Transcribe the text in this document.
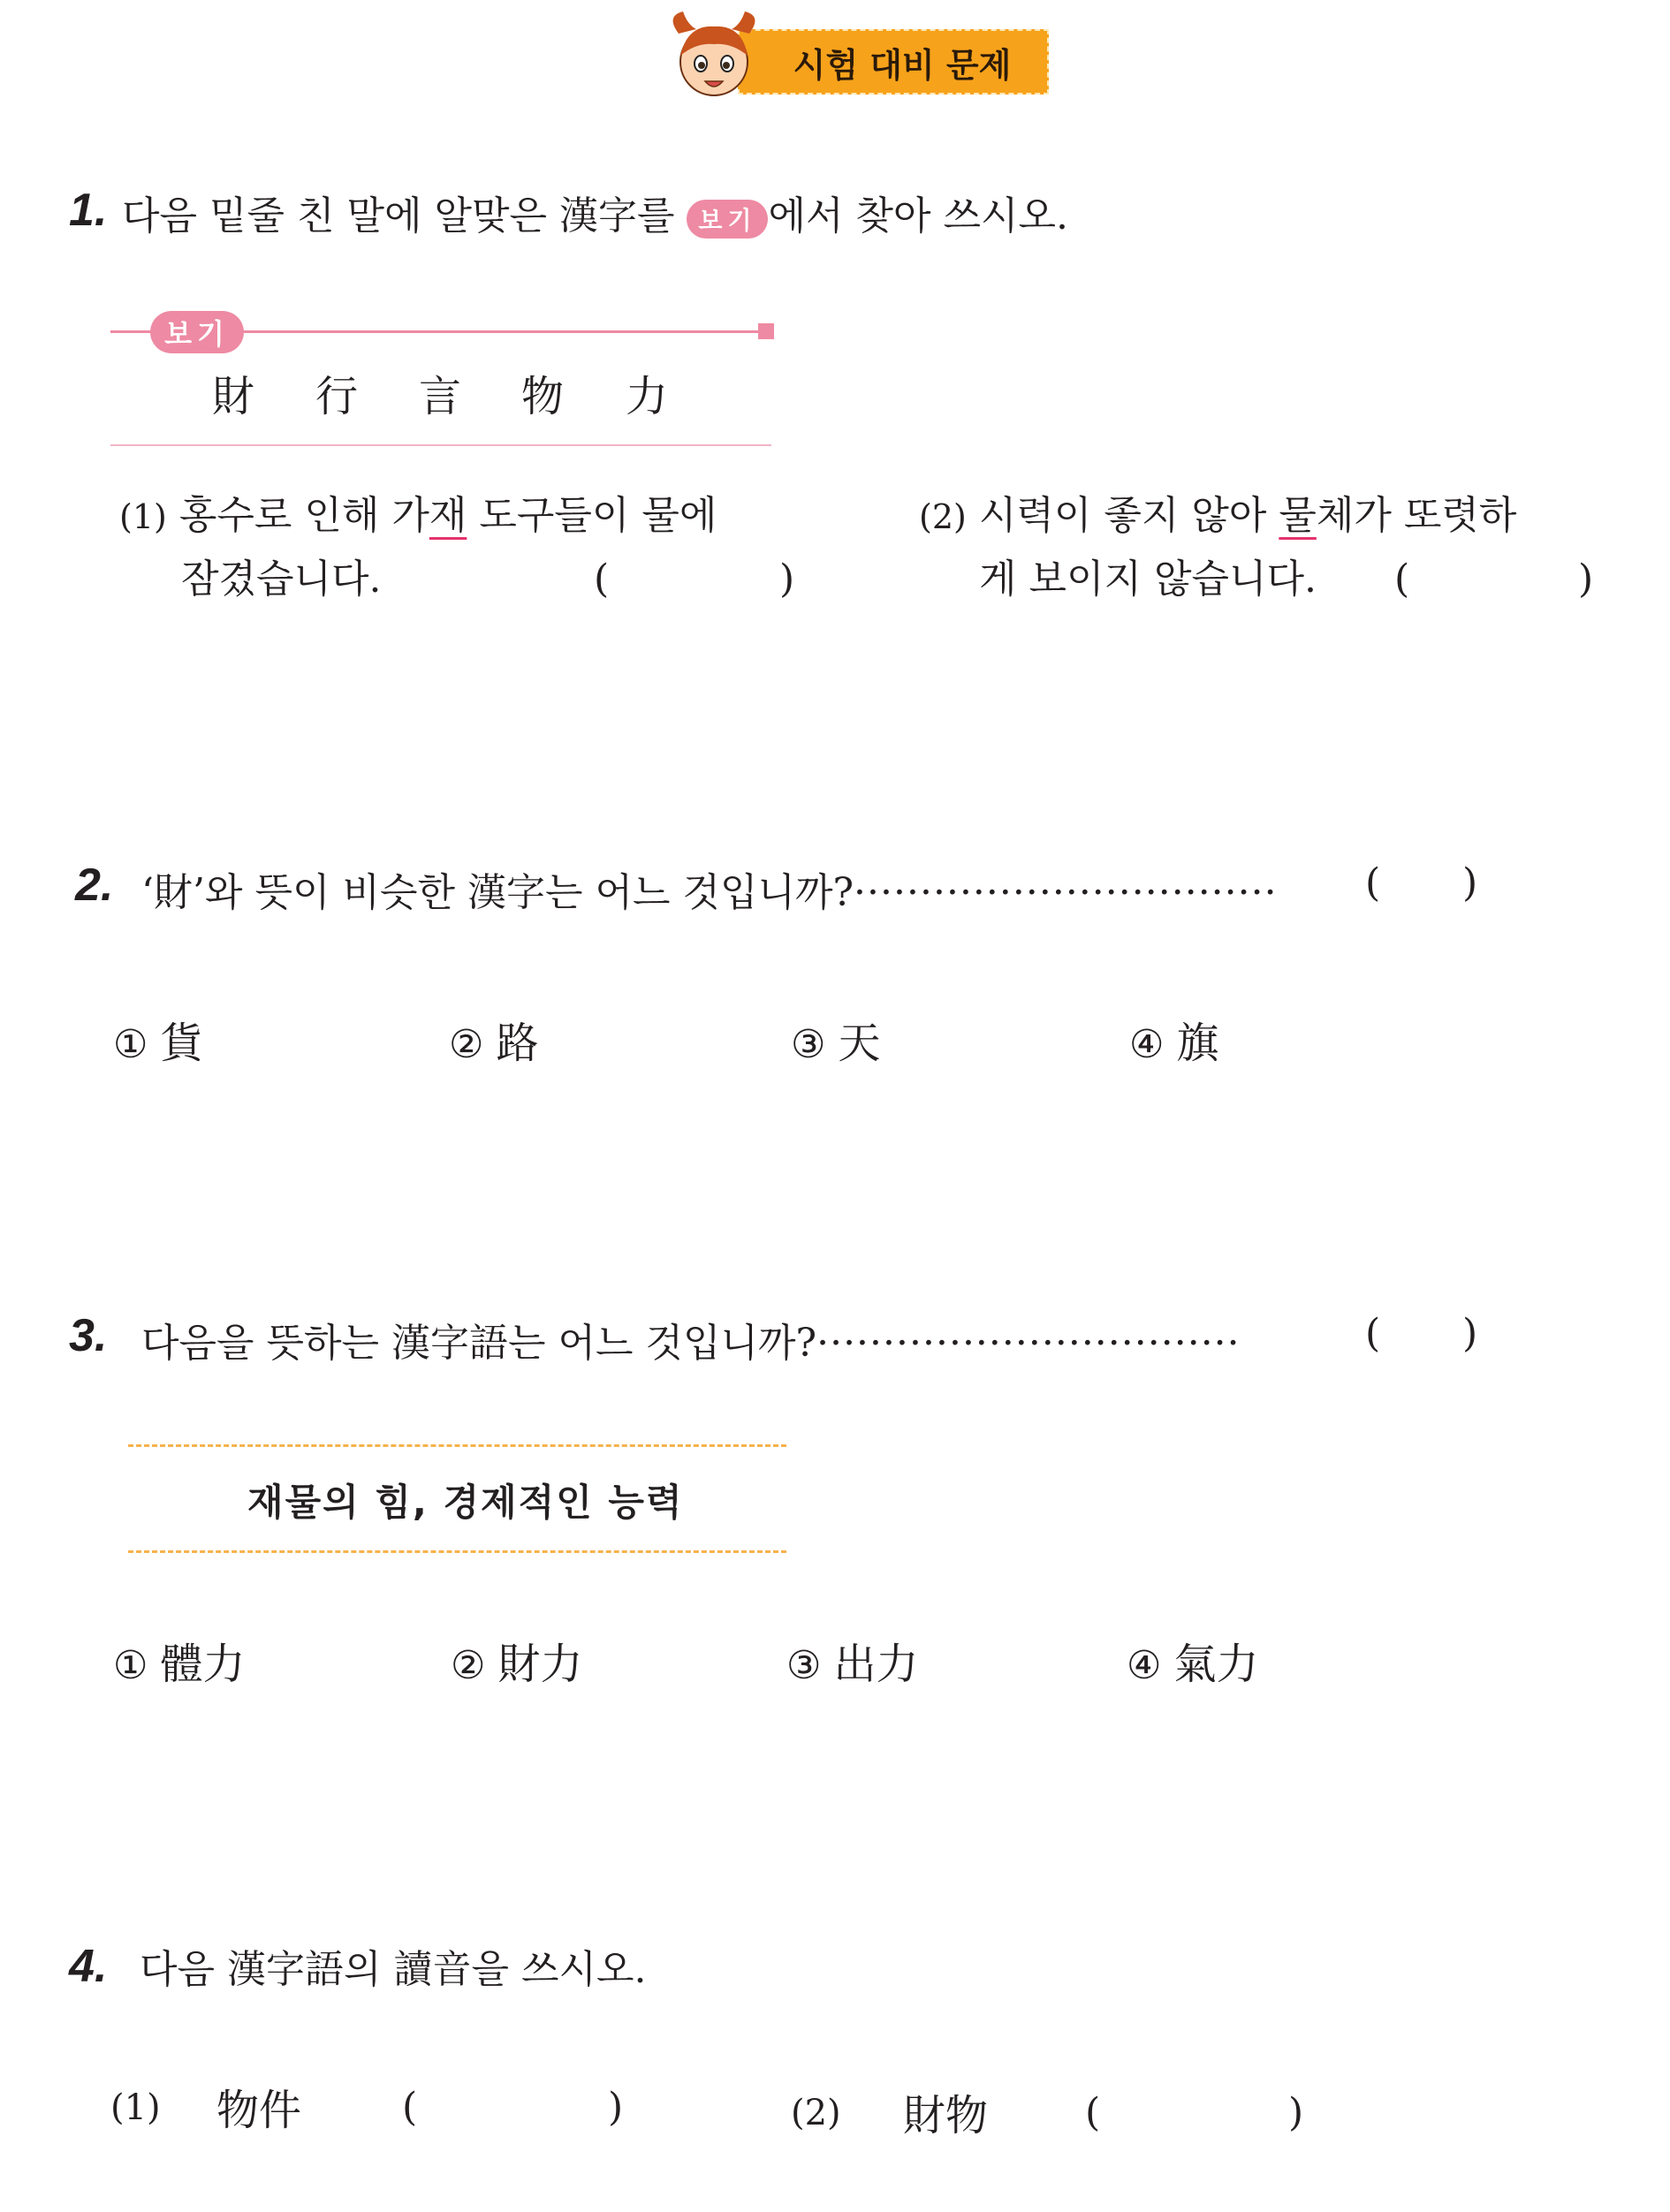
시험 대비 문제
1. 다음 밑줄 친 말에 알맞은 漢字를 보기 에서 찾아 쓰시오.
보기
財 行 言 物 力
(1) 홍수로 인해 가재 도구들이 물에
잠겼습니다.	(	)
(2) 시력이 좋지 않아 물체가 또렷하
게 보이지 않습니다. (	)
2. ‘財’와 뜻이 비슷한 漢字는 어느 것입니까?································ ( )
① 貨	② 路	③ 天	④ 旗
3. 다음을 뜻하는 漢字語는 어느 것입니까?································	( )
재물의 힘, 경제적인 능력
① 體力	② 財力	③ 出力	④ 氣力
4. 다음 漢字語의 讀音을 쓰시오.
(1) 物件	(	)	(2) 財物 (	)
